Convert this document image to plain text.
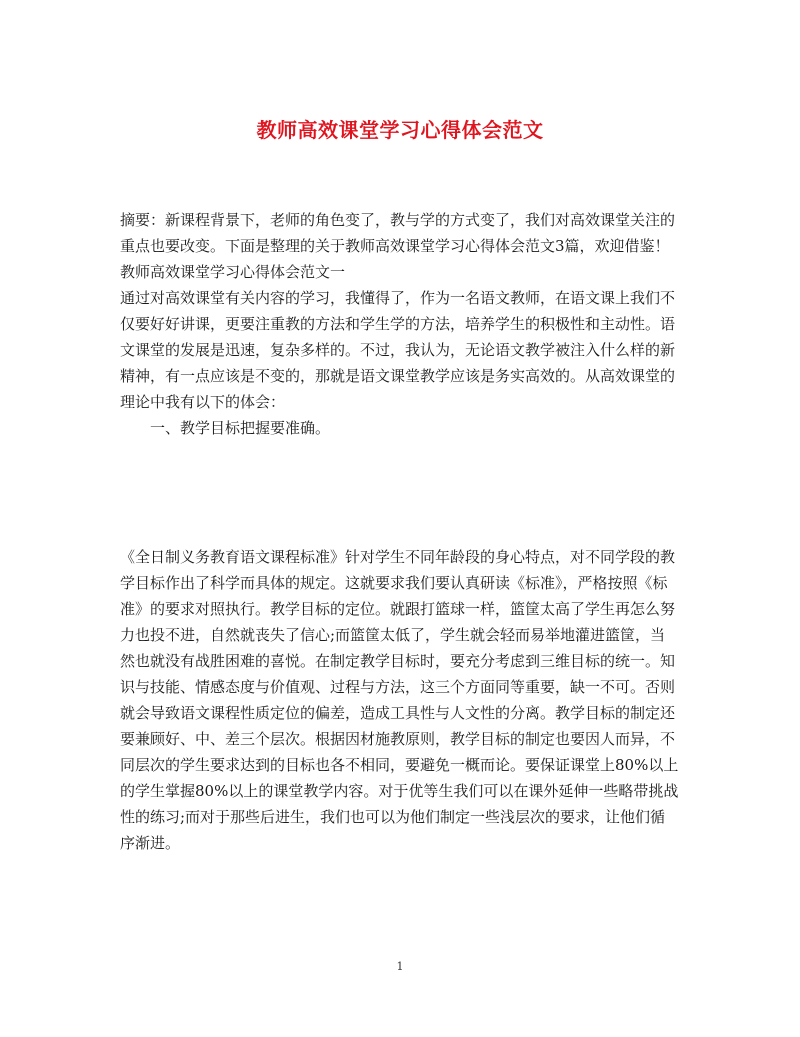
教师高效课堂学习心得体会范文

摘要：新课程背景下，老师的角色变了，教与学的方式变了，我们对高效课堂关注的重点也要改变。下面是整理的关于教师高效课堂学习心得体会范文3篇，欢迎借鉴！

教师高效课堂学习心得体会范文一

通过对高效课堂有关内容的学习，我懂得了，作为一名语文教师，在语文课上我们不仅要好好讲课，更要注重教的方法和学生学的方法，培养学生的积极性和主动性。语文课堂的发展是迅速，复杂多样的。不过，我认为，无论语文教学被注入什么样的新精神，有一点应该是不变的，那就是语文课堂教学应该是务实高效的。从高效课堂的理论中我有以下的体会：

一、教学目标把握要准确。

《全日制义务教育语文课程标准》针对学生不同年龄段的身心特点，对不同学段的教学目标作出了科学而具体的规定。这就要求我们要认真研读《标准》，严格按照《标准》的要求对照执行。教学目标的定位。就跟打篮球一样，篮筐太高了学生再怎么努力也投不进，自然就丧失了信心;而篮筐太低了，学生就会轻而易举地灌进篮筐，当然也就没有战胜困难的喜悦。在制定教学目标时，要充分考虑到三维目标的统一。知识与技能、情感态度与价值观、过程与方法，这三个方面同等重要，缺一不可。否则就会导致语文课程性质定位的偏差，造成工具性与人文性的分离。教学目标的制定还要兼顾好、中、差三个层次。根据因材施教原则，教学目标的制定也要因人而异，不同层次的学生要求达到的目标也各不相同，要避免一概而论。要保证课堂上80%以上的学生掌握80%以上的课堂教学内容。对于优等生我们可以在课外延伸一些略带挑战性的练习;而对于那些后进生，我们也可以为他们制定一些浅层次的要求，让他们循序渐进。

1
